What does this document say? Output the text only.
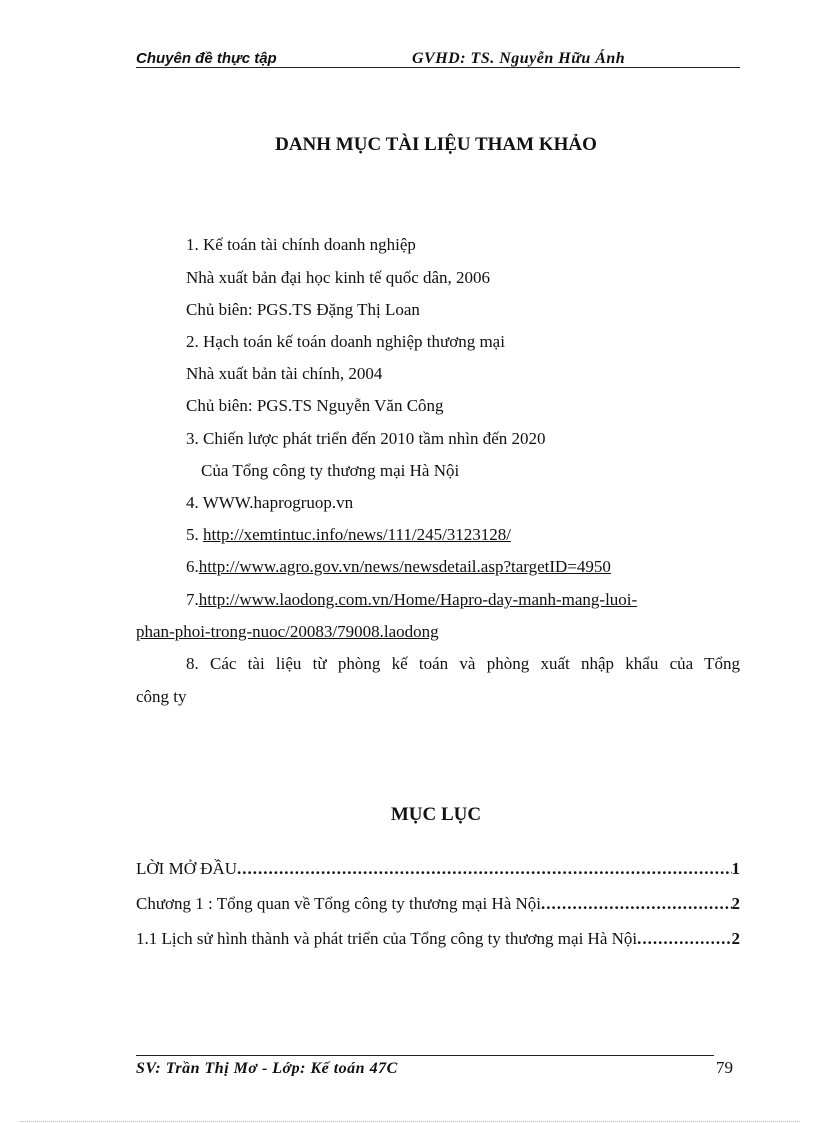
Chuyên đề thực tập	GVHD: TS. Nguyễn Hữu Ánh
DANH MỤC TÀI LIỆU THAM KHẢO
1. Kế toán tài chính doanh nghiệp
Nhà xuất bản đại học kinh tế quốc dân, 2006
Chủ biên: PGS.TS Đặng Thị Loan
2. Hạch toán kế toán doanh nghiệp thương mại
Nhà xuất bản tài chính, 2004
Chủ biên: PGS.TS Nguyễn Văn Công
3. Chiến lược phát triển đến 2010 tầm nhìn đến 2020
Của Tổng công ty thương mại Hà Nội
4. WWW.haprogruop.vn
5. http://xemtintuc.info/news/111/245/3123128/
6.http://www.agro.gov.vn/news/newsdetail.asp?targetID=4950
7.http://www.laodong.com.vn/Home/Hapro-day-manh-mang-luoi-
phan-phoi-trong-nuoc/20083/79008.laodong
8. Các tài liệu từ phòng kế toán và phòng xuất nhập khẩu của Tổng
công ty
MỤC LỤC
LỜI MỞ ĐẦU .....	1
Chương 1 : Tổng quan về Tổng công ty thương mại Hà Nội .....	2
1.1 Lịch sử hình thành và phát triển của Tổng công ty thương mại Hà Nội .....	2
SV: Trần Thị Mơ - Lớp: Kế toán 47C	79
